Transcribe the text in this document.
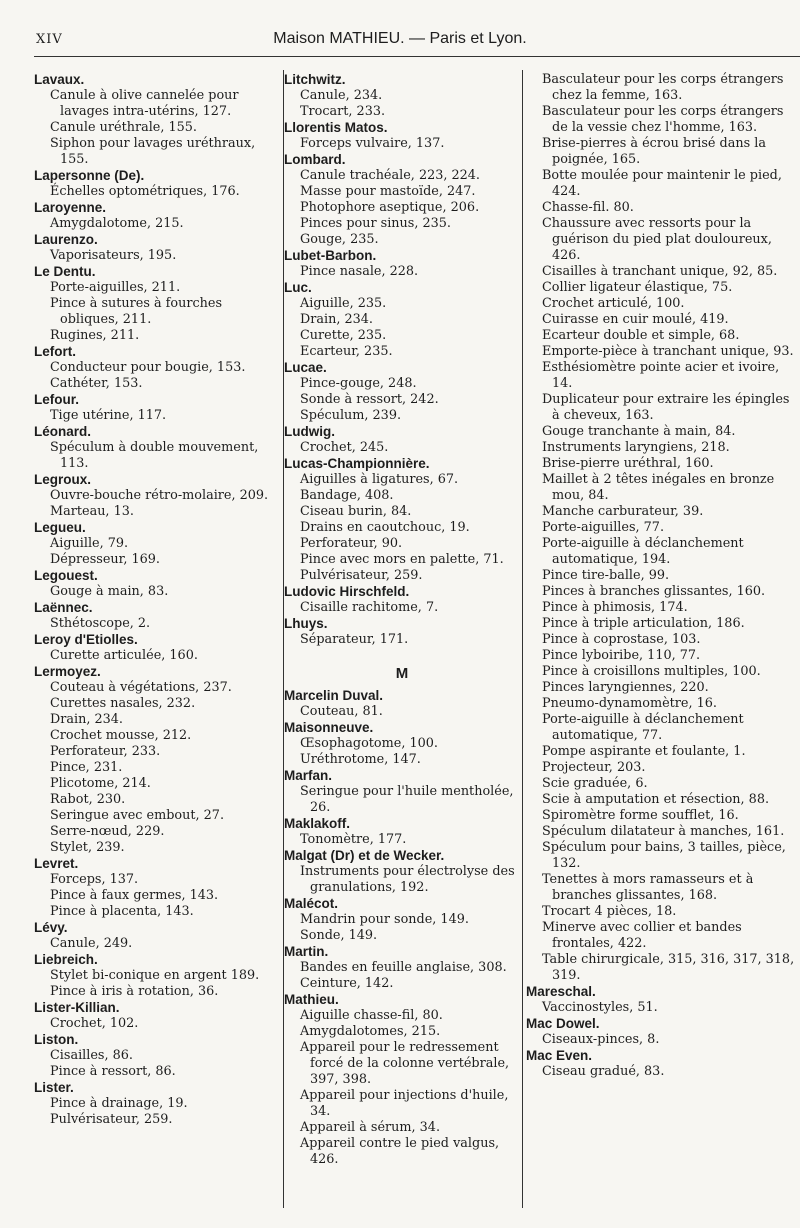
XIV	Maison MATHIEU. — Paris et Lyon.
Lavaux.
Canule à olive cannelée pour lavages intra-utérins, 127.
Canule uréthrale, 155.
Siphon pour lavages uréthraux, 155.
Lapersonne (De).
Échelles optométriques, 176.
Laroyenne.
Amygdalotome, 215.
Laurenzo.
Vaporisateurs, 195.
Le Dentu.
Porte-aiguilles, 211.
Pince à sutures à fourches obliques, 211.
Rugines, 211.
Lefort.
Conducteur pour bougie, 153.
Cathéter, 153.
Lefour.
Tige utérine, 117.
Léonard.
Spéculum à double mouvement, 113.
Legroux.
Ouvre-bouche rétro-molaire, 209.
Marteau, 13.
Legueu.
Aiguille, 79.
Dépresseur, 169.
Legouest.
Gouge à main, 83.
Laënnec.
Sthétoscope, 2.
Leroy d'Etiolles.
Curette articulée, 160.
Lermoyez.
Couteau à végétations, 237.
Curettes nasales, 232.
Drain, 234.
Crochet mousse, 212.
Perforateur, 233.
Pince, 231.
Plicotome, 214.
Rabot, 230.
Seringue avec embout, 27.
Serre-nœud, 229.
Stylet, 239.
Levret.
Forceps, 137.
Pince à faux germes, 143.
Pince à placenta, 143.
Lévy.
Canule, 249.
Liebreich.
Stylet bi-conique en argent 189.
Pince à iris à rotation, 36.
Lister-Killian.
Crochet, 102.
Liston.
Cisailles, 86.
Pince à ressort, 86.
Lister.
Pince à drainage, 19.
Pulvérisateur, 259.
Litchwitz.
Canule, 234.
Trocart, 233.
Llorentis Matos.
Forceps vulvaire, 137.
Lombard.
Canule trachéale, 223, 224.
Masse pour mastoïde, 247.
Photophore aseptique, 206.
Pinces pour sinus, 235.
Gouge, 235.
Lubet-Barbon.
Pince nasale, 228.
Luc.
Aiguille, 235.
Drain, 234.
Curette, 235.
Ecarteur, 235.
Lucae.
Pince-gouge, 248.
Sonde à ressort, 242.
Spéculum, 239.
Ludwig.
Crochet, 245.
Lucas-Championnière.
Aiguilles à ligatures, 67.
Bandage, 408.
Ciseau burin, 84.
Drains en caoutchouc, 19.
Perforateur, 90.
Pince avec mors en palette, 71.
Pulvérisateur, 259.
Ludovic Hirschfeld.
Cisaille rachitome, 7.
Lhuys.
Séparateur, 171.
M
Marcelin Duval.
Couteau, 81.
Maisonneuve.
Œsophagotome, 100.
Uréthrotome, 147.
Marfan.
Seringue pour l'huile mentholée, 26.
Maklakoff.
Tonomètre, 177.
Malgat (Dr) et de Wecker.
Instruments pour électrolyse des granulations, 192.
Malécot.
Mandrin pour sonde, 149.
Sonde, 149.
Martin.
Bandes en feuille anglaise, 308.
Ceinture, 142.
Mathieu.
Aiguille chasse-fil, 80.
Amygdalotomes, 215.
Appareil pour le redressement forcé de la colonne vertébrale, 397, 398.
Appareil pour injections d'huile, 34.
Appareil à sérum, 34.
Appareil contre le pied valgus, 426.
Basculateur pour les corps étrangers chez la femme, 163.
Basculateur pour les corps étrangers de la vessie chez l'homme, 163.
Brise-pierres à écrou brisé dans la poignée, 165.
Botte moulée pour maintenir le pied, 424.
Chasse-fil. 80.
Chaussure avec ressorts pour la guérison du pied plat douloureux, 426.
Cisailles à tranchant unique, 92, 85.
Collier ligateur élastique, 75.
Crochet articulé, 100.
Cuirasse en cuir moulé, 419.
Ecarteur double et simple, 68.
Emporte-pièce à tranchant unique, 93.
Esthésiomètre pointe acier et ivoire, 14.
Duplicateur pour extraire les épingles à cheveux, 163.
Gouge tranchante à main, 84.
Instruments laryngiens, 218.
Brise-pierre uréthral, 160.
Maillet à 2 têtes inégales en bronze mou, 84.
Manche carburateur, 39.
Porte-aiguilles, 77.
Porte-aiguille à déclanchement automatique, 194.
Pince tire-balle, 99.
Pinces à branches glissantes, 160.
Pince à phimosis, 174.
Pince à triple articulation, 186.
Pince à coprostase, 103.
Pince lyboiribe, 110, 77.
Pince à croisillons multiples, 100.
Pinces laryngiennes, 220.
Pneumo-dynamomètre, 16.
Porte-aiguille à déclanchement automatique, 77.
Pompe aspirante et foulante, 1.
Projecteur, 203.
Scie graduée, 6.
Scie à amputation et résection, 88.
Spiromètre forme soufflet, 16.
Spéculum dilatateur à manches, 161.
Spéculum pour bains, 3 tailles, pièce, 132.
Tenettes à mors ramasseurs et à branches glissantes, 168.
Trocart 4 pièces, 18.
Minerve avec collier et bandes frontales, 422.
Table chirurgicale, 315, 316, 317, 318, 319.
Mareschal.
Vaccinostyles, 51.
Mac Dowel.
Ciseaux-pinces, 8.
Mac Even.
Ciseau gradué, 83.
